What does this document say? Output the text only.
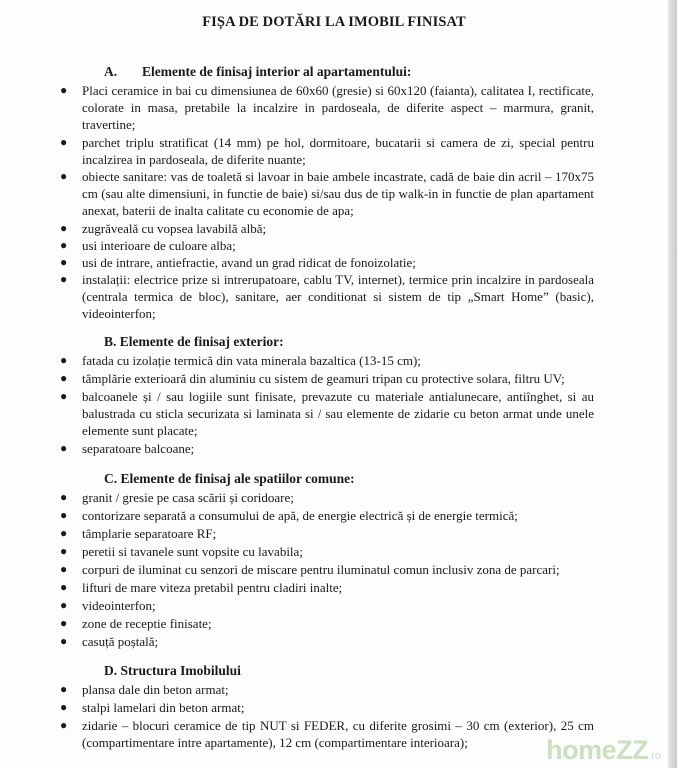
FIȘA DE DOTĂRI LA IMOBIL FINISAT
A. Elemente de finisaj interior al apartamentului:
● Placi ceramice in bai cu dimensiunea de 60x60 (gresie) si 60x120 (faianta), calitatea I, rectificate, colorate in masa, pretabile la incalzire in pardoseala, de diferite aspect – marmura, granit, travertine;
● parchet triplu stratificat (14 mm) pe hol, dormitoare, bucatarii si camera de zi, special pentru incalzirea in pardoseala, de diferite nuante;
● obiecte sanitare: vas de toaletă si lavoar in baie ambele incastrate, cadă de baie din acril – 170x75 cm (sau alte dimensiuni, in functie de baie) si/sau dus de tip walk-in in functie de plan apartament anexat, baterii de inalta calitate cu economie de apa;
● zugrăveală cu vopsea lavabilă albă;
● usi interioare de culoare alba;
● usi de intrare, antiefractie, avand un grad ridicat de fonoizolatie;
● instalații: electrice prize si intrerupatoare, cablu TV, internet), termice prin incalzire in pardoseala (centrala termica de bloc), sanitare, aer conditionat si sistem de tip „Smart Home” (basic), videointerfon;
B. Elemente de finisaj exterior:
● fatada cu izolație termică din vata minerala bazaltica (13-15 cm);
● tâmplărie exterioară din aluminiu cu sistem de geamuri tripan cu protective solara, filtru UV;
● balcoanele și / sau logiile sunt finisate, prevazute cu materiale antialunecare, antiînghet, si au balustrada cu sticla securizata si laminata si / sau elemente de zidarie cu beton armat unde unele elemente sunt placate;
● separatoare balcoane;
C. Elemente de finisaj ale spatiilor comune:
● granit / gresie pe casa scării și coridoare;
● contorizare separată a consumului de apă, de energie electrică și de energie termică;
● tâmplarie separatoare RF;
● peretii si tavanele sunt vopsite cu lavabila;
● corpuri de iluminat cu senzori de miscare pentru iluminatul comun inclusiv zona de parcari;
● lifturi de mare viteza pretabil pentru cladiri inalte;
● videointerfon;
● zone de receptie finisate;
● casuță poștală;
D. Structura Imobilului
● plansa dale din beton armat;
● stalpi lamelari din beton armat;
● zidarie – blocuri ceramice de tip NUT si FEDER, cu diferite grosimi – 30 cm (exterior), 25 cm (compartimentare intre apartamente), 12 cm (compartimentare interioara);	homeZZ.ro
